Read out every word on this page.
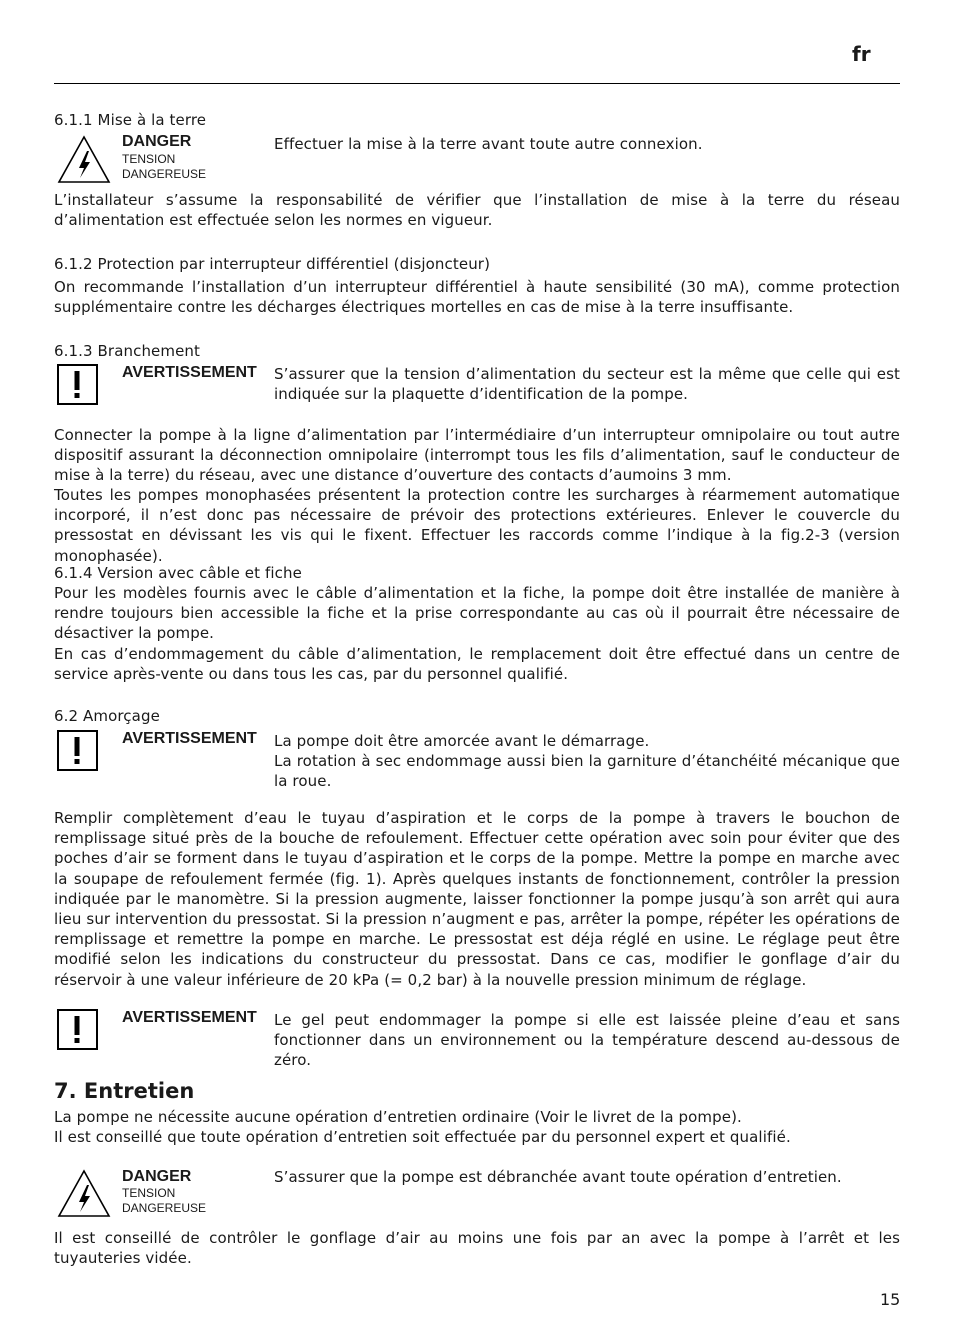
fr
6.1.1 Mise à la terre
DANGER
TENSION
DANGEREUSE
Effectuer la mise à la terre avant toute autre connexion.
L’installateur s’assume la responsabilité de vérifier que l’installation de mise à la terre du réseau d’alimentation est effectuée selon les normes en vigueur.
6.1.2 Protection par interrupteur différentiel (disjoncteur)
On recommande l’installation d’un interrupteur différentiel à haute sensibilité (30 mA), comme protection supplémentaire contre les décharges électriques mortelles en cas de mise à la terre insuffisante.
6.1.3 Branchement
AVERTISSEMENT S’assurer que la tension d’alimentation du secteur est la même que celle qui est indiquée sur la plaquette d’identification de la pompe.
Connecter la pompe à la ligne d’alimentation par l’intermédiaire d’un interrupteur omnipolaire ou tout autre dispositif assurant la déconnection omnipolaire (interrompt tous les fils d’alimentation, sauf le conducteur de mise à la terre) du réseau, avec une distance d’ouverture des contacts d’aumoins 3 mm.
Toutes les pompes monophasées présentent la protection contre les surcharges à réarmement automatique incorporé, il n’est donc pas nécessaire de prévoir des protections extérieures. Enlever le couvercle du pressostat en dévissant les vis qui le fixent. Effectuer les raccords comme l’indique à la fig.2-3 (version monophasée).
6.1.4 Version avec câble et fiche
Pour les modèles fournis avec le câble d’alimentation et la fiche, la pompe doit être installée de manière à rendre toujours bien accessible la fiche et la prise correspondante au cas où il pourrait être nécessaire de désactiver la pompe.
En cas d’endommagement du câble d’alimentation, le remplacement doit être effectué dans un centre de service après-vente ou dans tous les cas, par du personnel qualifié.
6.2 Amorçage
AVERTISSEMENT La pompe doit être amorcée avant le démarrage.
La rotation à sec endommage aussi bien la garniture d’étanchéité mécanique que la roue.
Remplir complètement d’eau le tuyau d’aspiration et le corps de la pompe à travers le bouchon de remplissage situé près de la bouche de refoulement. Effectuer cette opération avec soin pour éviter que des poches d’air se forment dans le tuyau d’aspiration et le corps de la pompe. Mettre la pompe en marche avec la soupape de refoulement fermée (fig. 1). Après quelques instants de fonctionnement, contrôler la pression indiquée par le manomètre. Si la pression augmente, laisser fonctionner la pompe jusqu’à son arrêt qui aura lieu sur intervention du pressostat. Si la pression n’augment e pas, arrêter la pompe, répéter les opérations de remplissage et remettre la pompe en marche. Le pressostat est déja réglé en usine. Le réglage peut être modifié selon les indications du constructeur du pressostat. Dans ce cas, modifier le gonflage d’air du réservoir à une valeur inférieure de 20 kPa (= 0,2 bar) à la nouvelle pression minimum de réglage.
AVERTISSEMENT Le gel peut endommager la pompe si elle est laissée pleine d’eau et sans fonctionner dans un environnement ou la température descend au-dessous de zéro.
7. Entretien
La pompe ne nécessite aucune opération d’entretien ordinaire (Voir le livret de la pompe).
Il est conseillé que toute opération d’entretien soit effectuée par du personnel expert et qualifié.
DANGER
TENSION
DANGEREUSE
S’assurer que la pompe est débranchée avant toute opération d’entretien.
Il est conseillé de contrôler le gonflage d’air au moins une fois par an avec la pompe à l’arrêt et les tuyauteries vidée.
15
